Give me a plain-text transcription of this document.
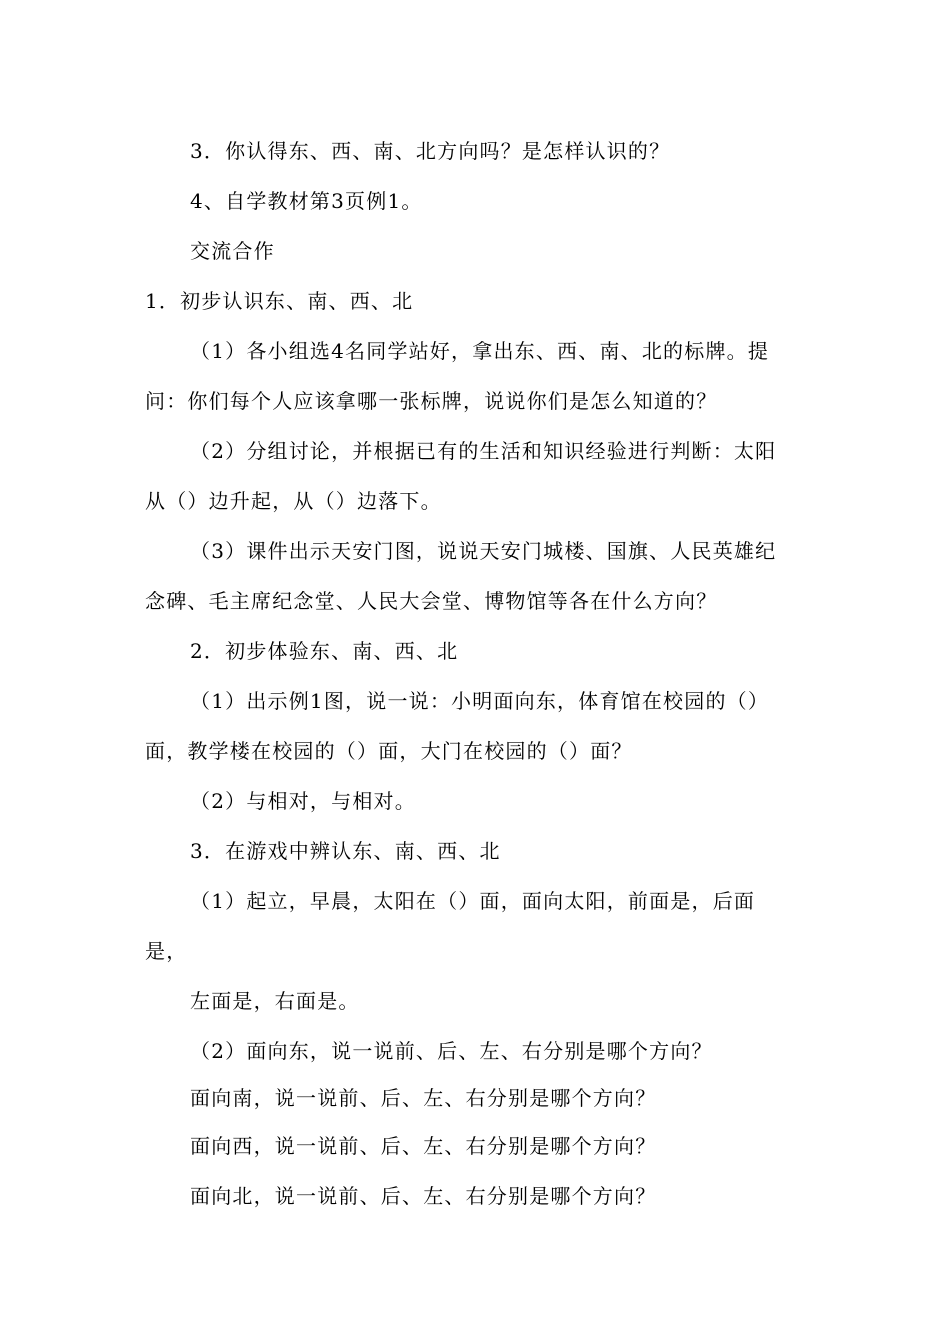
3．你认得东、西、南、北方向吗？是怎样认识的？
4、自学教材第3页例1。
交流合作
1．初步认识东、南、西、北
（1）各小组选4名同学站好，拿出东、西、南、北的标牌。提
问：你们每个人应该拿哪一张标牌，说说你们是怎么知道的？
（2）分组讨论，并根据已有的生活和知识经验进行判断：太阳
从（）边升起，从（）边落下。
（3）课件出示天安门图，说说天安门城楼、国旗、人民英雄纪
念碑、毛主席纪念堂、人民大会堂、博物馆等各在什么方向？
2．初步体验东、南、西、北
（1）出示例1图，说一说：小明面向东，体育馆在校园的（）
面，教学楼在校园的（）面，大门在校园的（）面？
（2）与相对，与相对。
3．在游戏中辨认东、南、西、北
（1）起立，早晨，太阳在（）面，面向太阳，前面是，后面
是，
左面是，右面是。
（2）面向东，说一说前、后、左、右分别是哪个方向？
面向南，说一说前、后、左、右分别是哪个方向？
面向西，说一说前、后、左、右分别是哪个方向？
面向北，说一说前、后、左、右分别是哪个方向？
